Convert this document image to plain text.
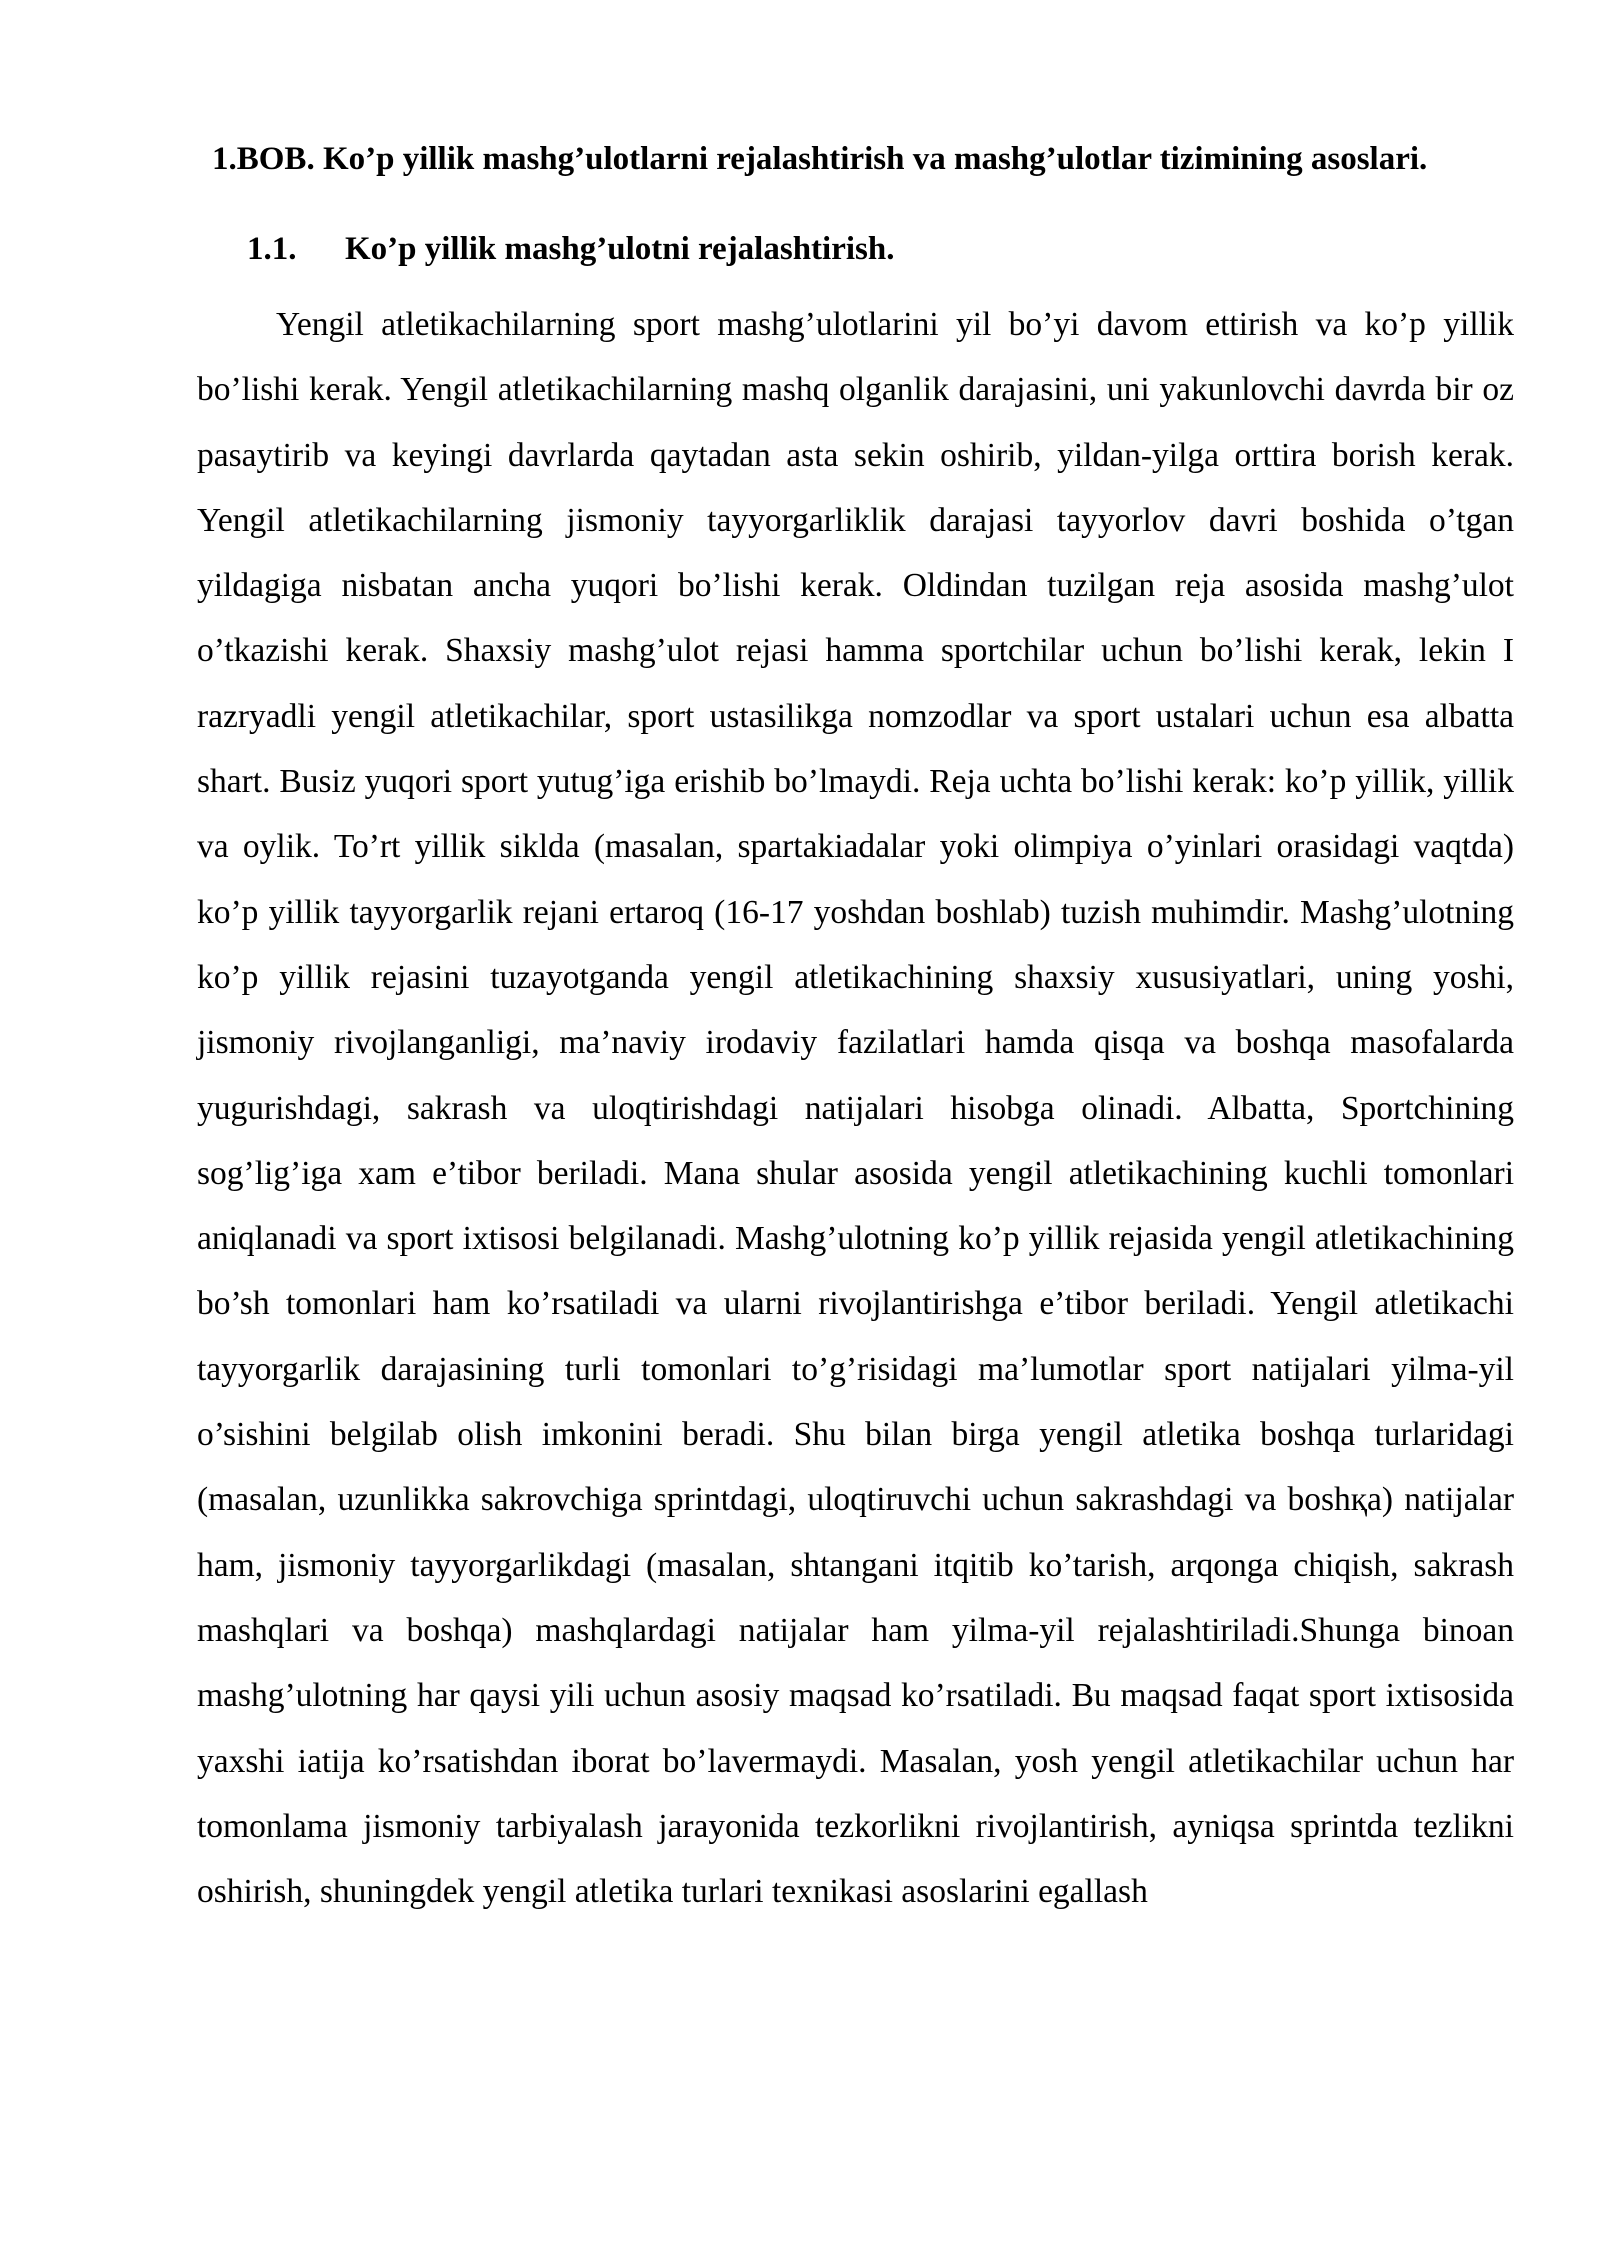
1.BOB. Ko’p yillik mashg’ulotlarni rejalashtirish va mashg’ulotlar tizimining asoslari.

1.1. Ko’p yillik mashg’ulotni rejalashtirish.

Yengil atletikachilarning sport mashg’ulotlarini yil bo’yi davom ettirish va ko’p yillik bo’lishi kerak. Yengil atletikachilarning mashq olganlik darajasini, uni yakunlovchi davrda bir oz pasaytirib va keyingi davrlarda qaytadan asta sekin oshirib, yildan-yilga orttira borish kerak. Yengil atletikachilarning jismoniy tayyorgarliklik darajasi tayyorlov davri boshida o’tgan yildagiga nisbatan ancha yuqori bo’lishi kerak. Oldindan tuzilgan reja asosida mashg’ulot o’tkazishi kerak. Shaxsiy mashg’ulot rejasi hamma sportchilar uchun bo’lishi kerak, lekin I razryadli yengil atletikachilar, sport ustasilikga nomzodlar va sport ustalari uchun esa albatta shart. Busiz yuqori sport yutug’iga erishib bo’lmaydi. Reja uchta bo’lishi kerak: ko’p yillik, yillik va oylik. To’rt yillik siklda (masalan, spartakiadalar yoki olimpiya o’yinlari orasidagi vaqtda) ko’p yillik tayyorgarlik rejani ertaroq (16-17 yoshdan boshlab) tuzish muhimdir. Mashg’ulotning ko’p yillik rejasini tuzayotganda yengil atletikachining shaxsiy xususiyatlari, uning yoshi, jismoniy rivojlanganligi, ma’naviy irodaviy fazilatlari hamda qisqa va boshqa masofalarda yugurishdagi, sakrash va uloqtirishdagi natijalari hisobga olinadi. Albatta, Sportchining sog’lig’iga xam e’tibor beriladi. Mana shular asosida yengil atletikachining kuchli tomonlari aniqlanadi va sport ixtisosi belgilanadi. Mashg’ulotning ko’p yillik rejasida yengil atletikachining bo’sh tomonlari ham ko’rsatiladi va ularni rivojlantirishga e’tibor beriladi. Yengil atletikachi tayyorgarlik darajasining turli tomonlari to’g’risidagi ma’lumotlar sport natijalari yilma-yil o’sishini belgilab olish imkonini beradi. Shu bilan birga yengil atletika boshqa turlaridagi (masalan, uzunlikka sakrovchiga sprintdagi, uloqtiruvchi uchun sakrashdagi va boshқa) natijalar ham, jismoniy tayyorgarlikdagi (masalan, shtangani itqitib ko’tarish, arqonga chiqish, sakrash mashqlari va boshqa) mashqlardagi natijalar ham yilma-yil rejalashtiriladi.Shunga binoan mashg’ulotning har qaysi yili uchun asosiy maqsad ko’rsatiladi. Bu maqsad faqat sport ixtisosida yaxshi iatija ko’rsatishdan iborat bo’lavermaydi. Masalan, yosh yengil atletikachilar uchun har tomonlama jismoniy tarbiyalash jarayonida tezkorlikni rivojlantirish, ayniqsa sprintda tezlikni oshirish, shuningdek yengil atletika turlari texnikasi asoslarini egallash
